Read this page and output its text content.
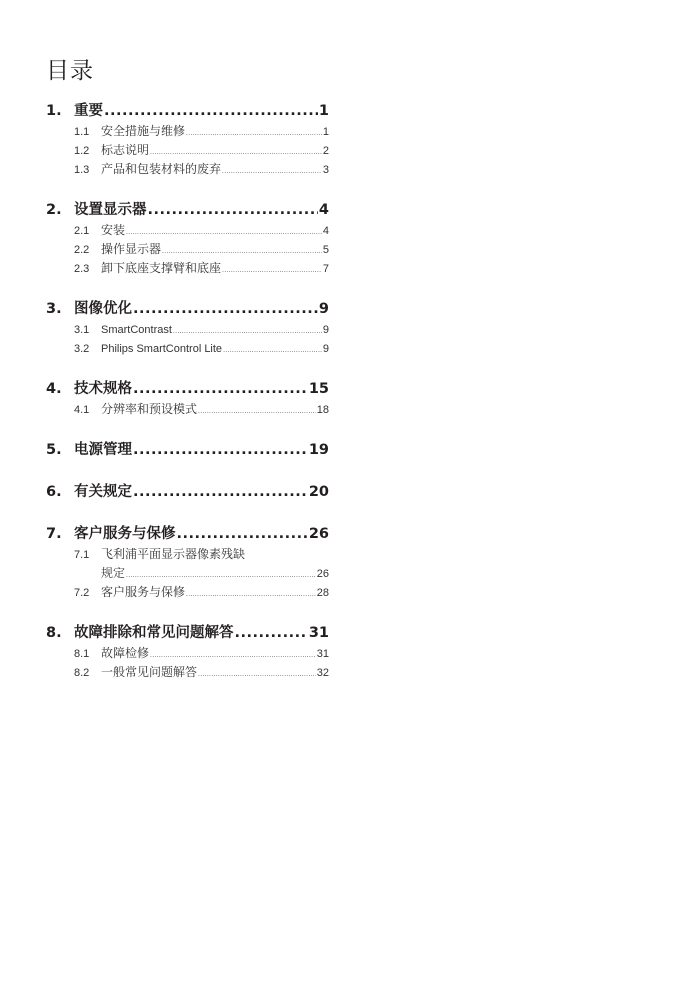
目录
1. 重要 .....	1
1.1 安全措施与维修 .....	1
1.2 标志说明 .....	2
1.3 产品和包装材料的废弃 .....	3
2. 设置显示器 .....	4
2.1 安装 .....	4
2.2 操作显示器 .....	5
2.3 卸下底座支撑臂和底座 .....	7
3. 图像优化 .....	9
3.1	SmartContrast .....	9
3.2	Philips SmartControl Lite .....	9
4. 技术规格 .....	15
4.1 分辨率和预设模式 .....	18
5. 电源管理 .....	19
6. 有关规定 .....	20
7. 客户服务与保修 .....	26
7.1 飞利浦平面显示器像素残缺
规定 .....	26
7.2 客户服务与保修 .....	28
8. 故障排除和常见问题解答 .....	31
8.1 故障检修 .....	31
8.2 一般常见问题解答 .....	32
